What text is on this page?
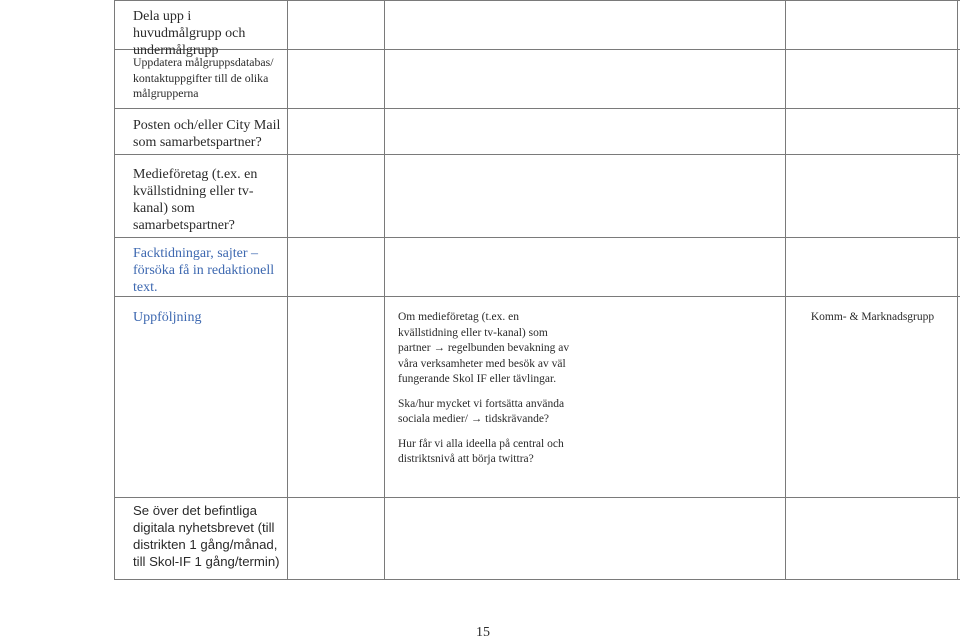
Dela upp i huvudmålgrupp och undermålgrupp
Uppdatera målgruppsdatabas/ kontaktuppgifter till de olika målgrupperna
Posten och/eller City Mail som samarbetspartner?
Medieföretag (t.ex. en kvällstidning eller tv-kanal) som samarbetspartner?
Facktidningar, sajter – försöka få in redaktionell text.
Uppföljning	Om medieföretag (t.ex. en kvällstidning eller tv-kanal) som partner → regelbunden bevakning av våra verksamheter med besök av väl fungerande Skol IF eller tävlingar.

Ska/hur mycket vi fortsätta använda sociala medier/ → tidskrävande?

Hur får vi alla ideella på central och distriktsnivå att börja twittra?

Komm- & Marknadsgrupp
Se över det befintliga digitala nyhetsbrevet (till distrikten 1 gång/månad, till Skol-IF 1 gång/termin)
15
